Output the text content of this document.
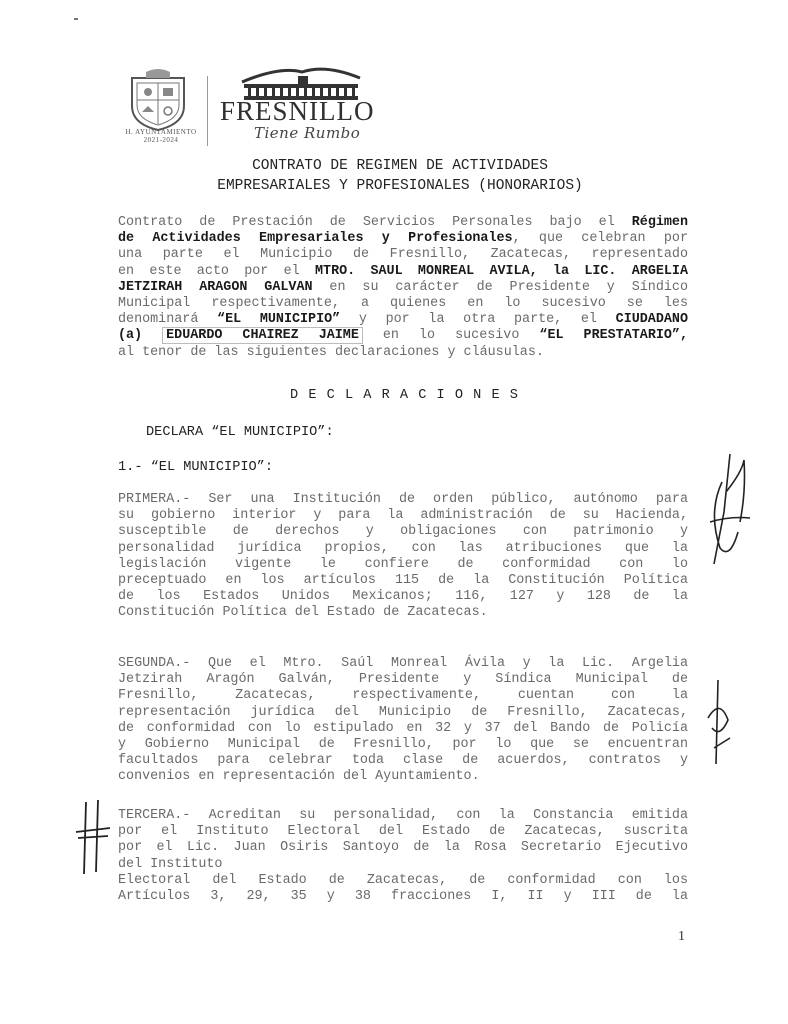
H. AYUNTAMIENTO 2021-2024
FRESNILLO
Tiene Rumbo
CONTRATO DE REGIMEN DE ACTIVIDADES
EMPRESARIALES Y PROFESIONALES (HONORARIOS)
Contrato de Prestación de Servicios Personales bajo el Régimen
de Actividades Empresariales y Profesionales, que celebran por
una parte el Municipio de Fresnillo, Zacatecas, representado
en este acto por el MTRO. SAUL MONREAL AVILA, la LIC. ARGELIA
JETZIRAH ARAGON GALVAN en su carácter de Presidente y Síndico
Municipal respectivamente, a quienes en lo sucesivo se les
denominará “EL MUNICIPIO” y por la otra parte, el CIUDADANO
(a) EDUARDO CHAIREZ JAIME en lo sucesivo “EL PRESTATARIO”,
al tenor de las siguientes declaraciones y cláusulas.
D E C L A R A C I O N E S
DECLARA “EL MUNICIPIO”:
1.- “EL MUNICIPIO”:
PRIMERA.- Ser una Institución de orden público, autónomo para
su gobierno interior y para la administración de su Hacienda,
susceptible de derechos y obligaciones con patrimonio y
personalidad jurídica propios, con las atribuciones que la
legislación vigente le confiere de conformidad con lo
preceptuado en los artículos 115 de la Constitución Política
de los Estados Unidos Mexicanos; 116, 127 y 128 de la
Constitución Política del Estado de Zacatecas.
SEGUNDA.- Que el Mtro. Saúl Monreal Ávila y la Lic. Argelia
Jetzirah Aragón Galván, Presidente y Síndica Municipal de
Fresnillo, Zacatecas, respectivamente, cuentan con la
representación jurídica del Municipio de Fresnillo, Zacatecas,
de conformidad con lo estipulado en 32 y 37 del Bando de Policía
y Gobierno Municipal de Fresnillo, por lo que se encuentran
facultados para celebrar toda clase de acuerdos, contratos y
convenios en representación del Ayuntamiento.
TERCERA.- Acreditan su personalidad, con la Constancia emitida
por el Instituto Electoral del Estado de Zacatecas, suscrita
por el Lic. Juan Osiris Santoyo de la Rosa Secretario Ejecutivo
del Instituto
Electoral del Estado de Zacatecas, de conformidad con los
Artículos 3, 29, 35 y 38 fracciones I, II y III de la
1
